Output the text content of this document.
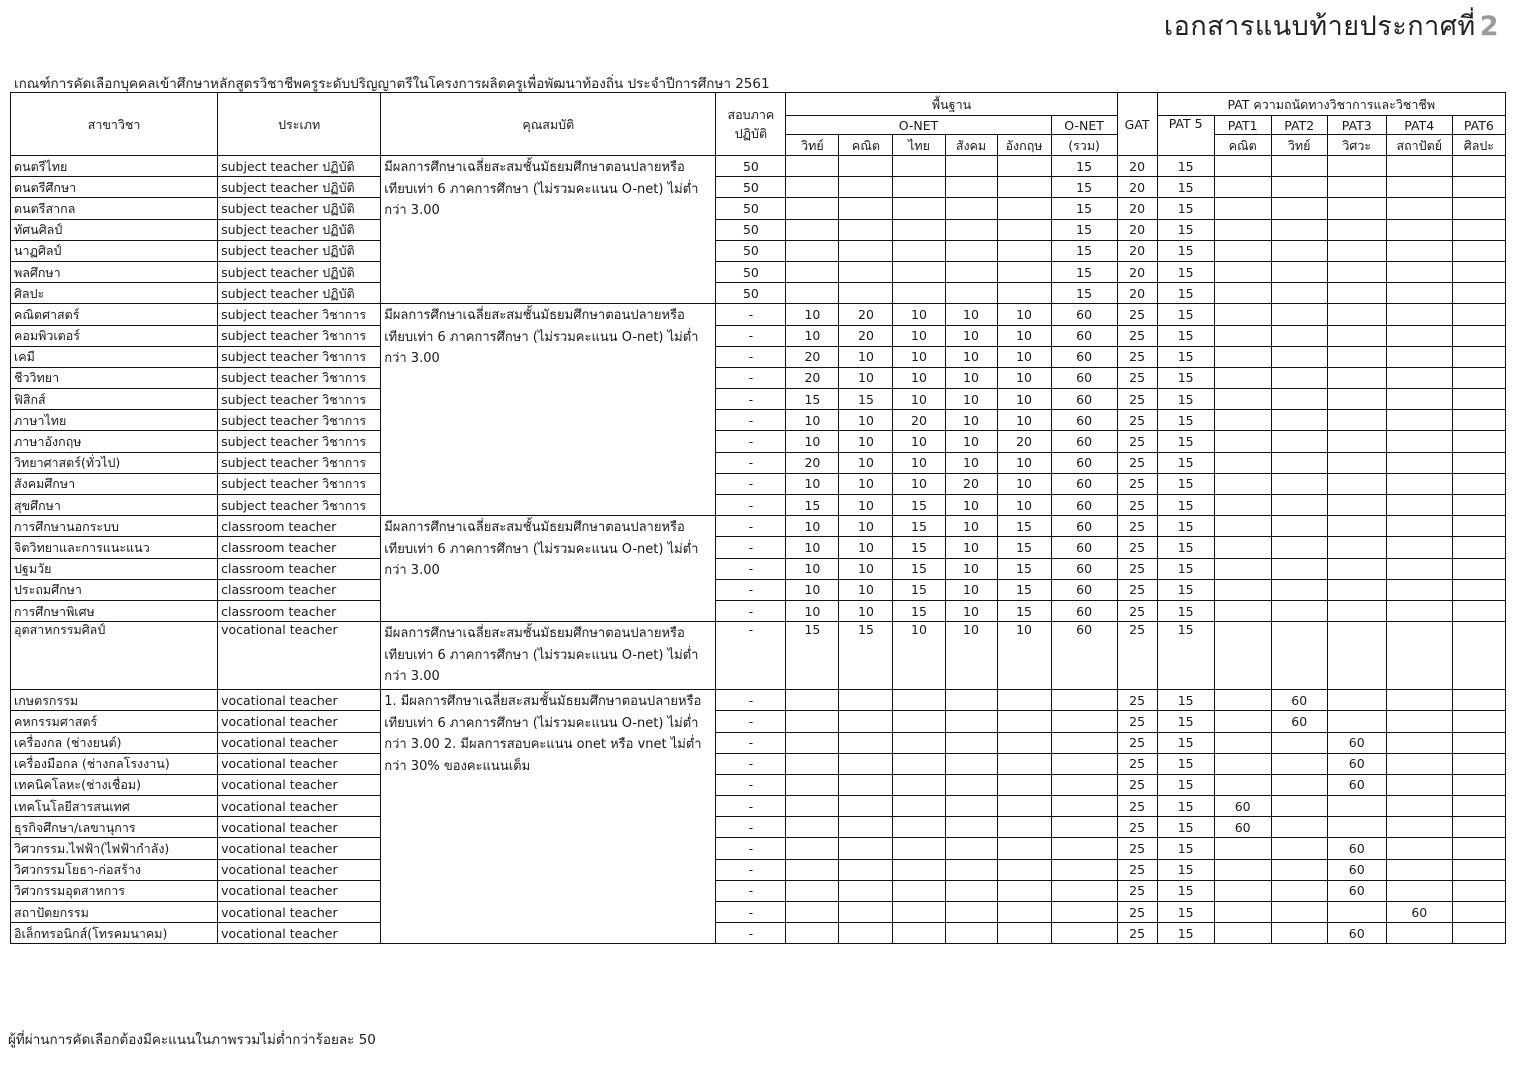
เอกสารแนบท้ายประกาศที่ 2
เกณฑ์การคัดเลือกบุคคลเข้าศึกษาหลักสูตรวิชาชีพครูระดับปริญญาตรีในโครงการผลิตครูเพื่อพัฒนาท้องถิ่น ประจำปีการศึกษา 2561
สาขาวิชา	ประเภท	คุณสมบัติ	สอบภาคปฏิบัติ	พื้นฐาน						GAT	PAT ความถนัดทางวิชาการและวิชาชีพ					
				O-NET					O-NET		PAT 5	PAT1	PAT2	PAT3	PAT4	PAT6
				วิทย์	คณิต	ไทย	สังคม	อังกฤษ	(รวม)			คณิต	วิทย์	วิศวะ	สถาปัตย์	ศิลปะ
ดนตรีไทย	subject teacher ปฏิบัติ	มีผลการศึกษาเฉลี่ยสะสมชั้นมัธยมศึกษาตอนปลายหรือเทียบเท่า 6 ภาคการศึกษา (ไม่รวมคะแนน O-net) ไม่ต่ำกว่า 3.00	50						15	20	15					
ดนตรีศึกษา	subject teacher ปฏิบัติ		50						15	20	15					
ดนตรีสากล	subject teacher ปฏิบัติ		50						15	20	15					
ทัศนศิลป์	subject teacher ปฏิบัติ		50						15	20	15					
นาฏศิลป์	subject teacher ปฏิบัติ		50						15	20	15					
พลศึกษา	subject teacher ปฏิบัติ		50						15	20	15					
ศิลปะ	subject teacher ปฏิบัติ		50						15	20	15					
คณิตศาสตร์	subject teacher วิชาการ	มีผลการศึกษาเฉลี่ยสะสมชั้นมัธยมศึกษาตอนปลายหรือเทียบเท่า 6 ภาคการศึกษา (ไม่รวมคะแนน O-net) ไม่ต่ำกว่า 3.00	-	10	20	10	10	10	60	25	15					
คอมพิวเตอร์	subject teacher วิชาการ		-	10	20	10	10	10	60	25	15					
เคมี	subject teacher วิชาการ		-	20	10	10	10	10	60	25	15					
ชีววิทยา	subject teacher วิชาการ		-	20	10	10	10	10	60	25	15					
ฟิสิกส์	subject teacher วิชาการ		-	15	15	10	10	10	60	25	15					
ภาษาไทย	subject teacher วิชาการ		-	10	10	20	10	10	60	25	15					
ภาษาอังกฤษ	subject teacher วิชาการ		-	10	10	10	10	20	60	25	15					
วิทยาศาสตร์(ทั่วไป)	subject teacher วิชาการ		-	20	10	10	10	10	60	25	15					
สังคมศึกษา	subject teacher วิชาการ		-	10	10	10	20	10	60	25	15					
สุขศึกษา	subject teacher วิชาการ		-	15	10	15	10	10	60	25	15					
การศึกษานอกระบบ	classroom teacher	มีผลการศึกษาเฉลี่ยสะสมชั้นมัธยมศึกษาตอนปลายหรือเทียบเท่า 6 ภาคการศึกษา (ไม่รวมคะแนน O-net) ไม่ต่ำกว่า 3.00	-	10	10	15	10	15	60	25	15					
จิตวิทยาและการแนะแนว	classroom teacher		-	10	10	15	10	15	60	25	15					
ปฐมวัย	classroom teacher		-	10	10	15	10	15	60	25	15					
ประถมศึกษา	classroom teacher		-	10	10	15	10	15	60	25	15					
การศึกษาพิเศษ	classroom teacher		-	10	10	15	10	15	60	25	15					
อุตสาหกรรมศิลป์	vocational teacher	มีผลการศึกษาเฉลี่ยสะสมชั้นมัธยมศึกษาตอนปลายหรือเทียบเท่า 6 ภาคการศึกษา (ไม่รวมคะแนน O-net) ไม่ต่ำกว่า 3.00	-	15	15	10	10	10	60	25	15					
เกษตรกรรม	vocational teacher	1. มีผลการศึกษาเฉลี่ยสะสมชั้นมัธยมศึกษาตอนปลายหรือเทียบเท่า 6 ภาคการศึกษา (ไม่รวมคะแนน O-net) ไม่ต่ำกว่า 3.00 2. มีผลการสอบคะแนน onet หรือ vnet ไม่ต่ำกว่า 30% ของคะแนนเต็ม	-							25	15		60			
คหกรรมศาสตร์	vocational teacher		-							25	15		60			
เครื่องกล (ช่างยนต์)	vocational teacher		-							25	15			60		
เครื่องมือกล (ช่างกลโรงงาน)	vocational teacher		-							25	15			60		
เทคนิคโลหะ(ช่างเชื่อม)	vocational teacher		-							25	15			60		
เทคโนโลยีสารสนเทศ	vocational teacher		-							25	15	60				
ธุรกิจศึกษา/เลขานุการ	vocational teacher		-							25	15	60				
วิศวกรรม.ไฟฟ้า(ไฟฟ้ากำลัง)	vocational teacher		-							25	15			60		
วิศวกรรมโยธา-ก่อสร้าง	vocational teacher		-							25	15			60		
วิศวกรรมอุตสาหการ	vocational teacher		-							25	15			60		
สถาปัตยกรรม	vocational teacher		-							25	15				60	
อิเล็กทรอนิกส์(โทรคมนาคม)	vocational teacher		-							25	15			60		
ผู้ที่ผ่านการคัดเลือกต้องมีคะแนนในภาพรวมไม่ต่ำกว่าร้อยละ 50
